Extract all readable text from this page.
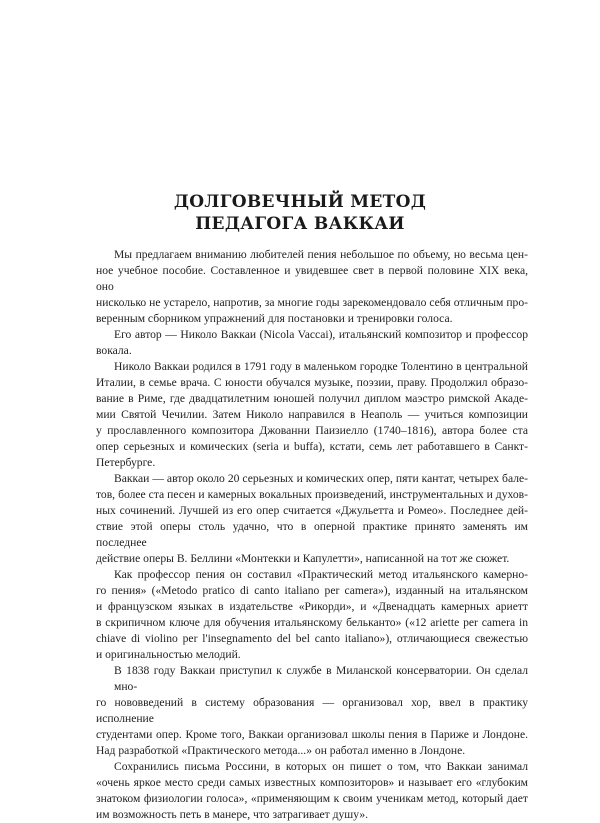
ДОЛГОВЕЧНЫЙ МЕТОД
ПЕДАГОГА ВАККАИ
Мы предлагаем вниманию любителей пения небольшое по объему, но весьма цен-
ное учебное пособие. Составленное и увидевшее свет в первой половине XIX века, оно
нисколько не устарело, напротив, за многие годы зарекомендовало себя отличным про-
веренным сборником упражнений для постановки и тренировки голоса.
Его автор — Николо Ваккаи (Nicola Vaccai), итальянский композитор и профессор
вокала.
Николо Ваккаи родился в 1791 году в маленьком городке Толентино в центральной
Италии, в семье врача. С юности обучался музыке, поэзии, праву. Продолжил образо-
вание в Риме, где двадцатилетним юношей получил диплом маэстро римской Акаде-
мии Святой Чечилии. Затем Николо направился в Неаполь — учиться композиции
у прославленного композитора Джованни Паизиелло (1740–1816), автора более ста
опер серьезных и комических (seria и buffa), кстати, семь лет работавшего в Санкт-
Петербурге.
Ваккаи — автор около 20 серьезных и комических опер, пяти кантат, четырех бале-
тов, более ста песен и камерных вокальных произведений, инструментальных и духов-
ных сочинений. Лучшей из его опер считается «Джульетта и Ромео». Последнее дей-
ствие этой оперы столь удачно, что в оперной практике принято заменять им последнее
действие оперы В. Беллини «Монтекки и Капулетти», написанной на тот же сюжет.
Как профессор пения он составил «Практический метод итальянского камерно-
го пения» («Metodo pratico di canto italiano per camera»), изданный на итальянском
и французском языках в издательстве «Рикорди», и «Двенадцать камерных ариетт
в скрипичном ключе для обучения итальянскому бельканто» («12 ariette per camera in
chiave di violino per l'insegnamento del bel canto italiano»), отличающиеся свежестью
и оригинальностью мелодий.
В 1838 году Ваккаи приступил к службе в Миланской консерватории. Он сделал мно-
го нововведений в систему образования — организовал хор, ввел в практику исполнение
студентами опер. Кроме того, Ваккаи организовал школы пения в Париже и Лондоне.
Над разработкой «Практического метода...» он работал именно в Лондоне.
Сохранились письма Россини, в которых он пишет о том, что Ваккаи занимал
«очень яркое место среди самых известных композиторов» и называет его «глубоким
знатоком физиологии голоса», «применяющим к своим ученикам метод, который дает
им возможность петь в манере, что затрагивает душу».
